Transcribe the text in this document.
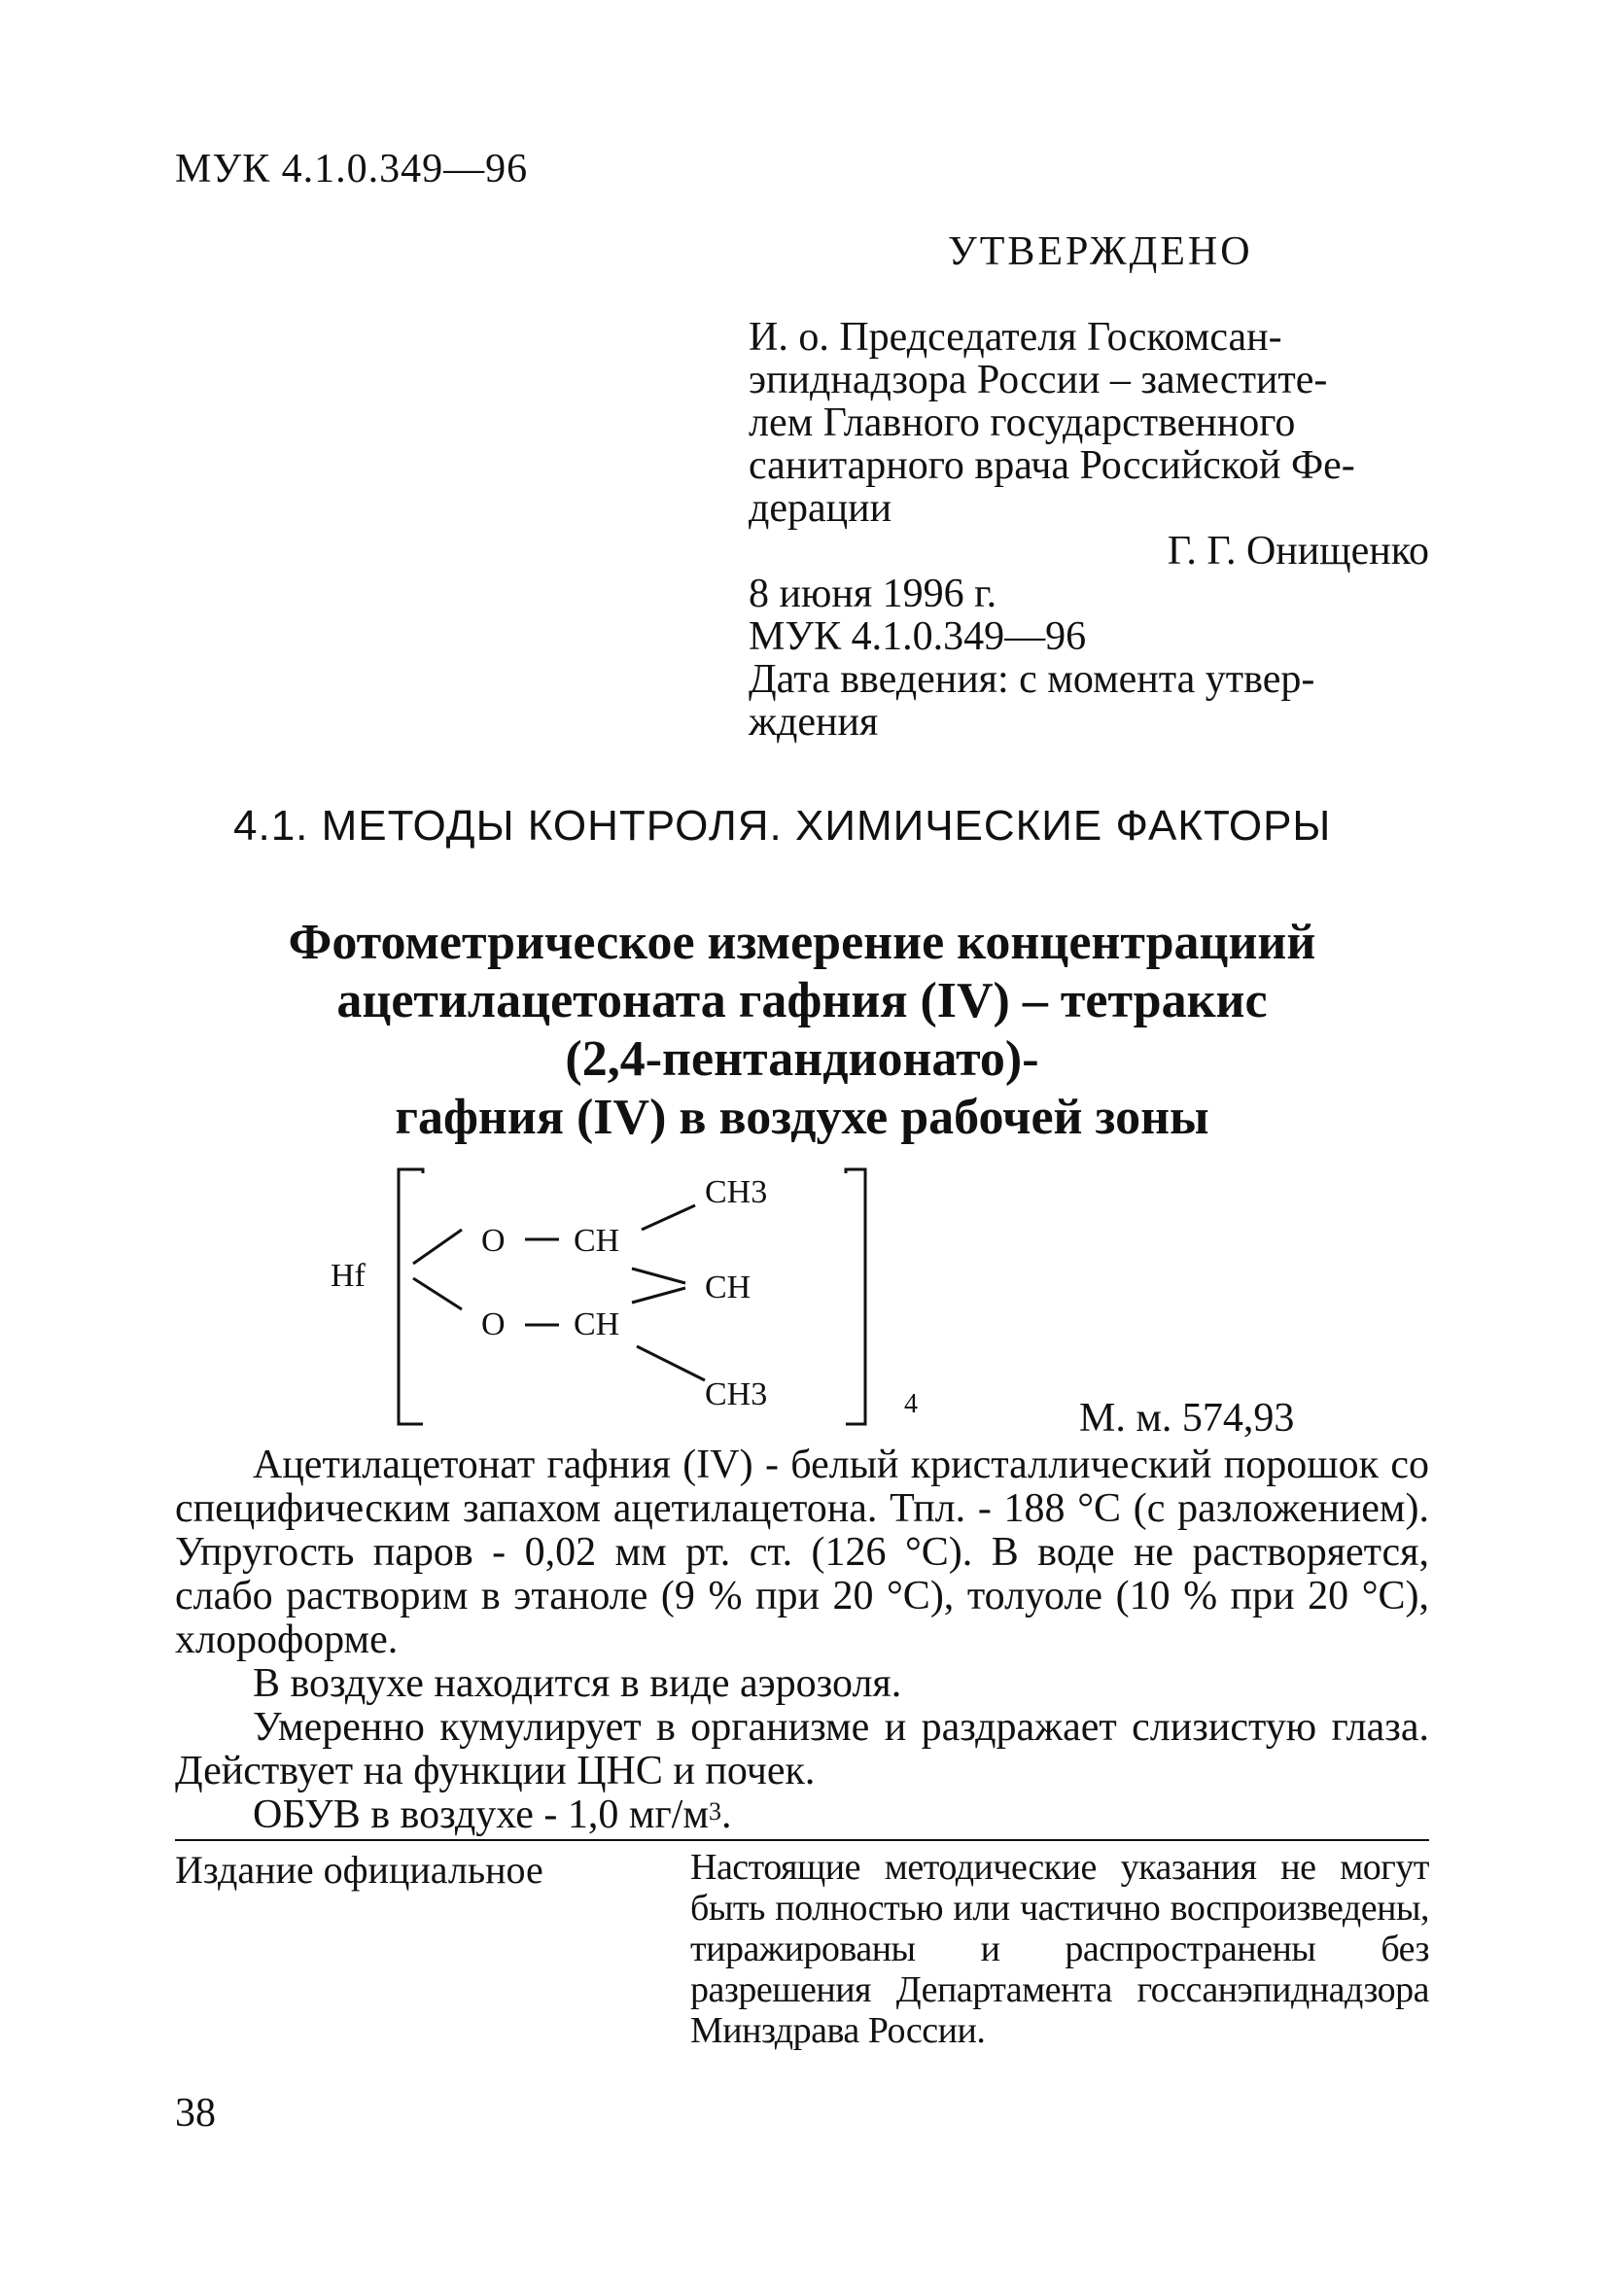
МУК 4.1.0.349—96
УТВЕРЖДЕНО
И. о. Председателя Госкомсан-
эпиднадзора России – заместите-
лем Главного государственного
санитарного врача Российской Фе-
дерации
Г. Г. Онищенко
8 июня 1996 г.
МУК 4.1.0.349—96
Дата введения: с момента утвер-
ждения
4.1. МЕТОДЫ КОНТРОЛЯ. ХИМИЧЕСКИЕ ФАКТОРЫ
Фотометрическое измерение концентрациий
ацетилацетоната гафния (IV) – тетракис
(2,4-пентандионато)-
гафния (IV) в воздухе рабочей зоны
Hf
O
O
CH
CH
CH
CH3
CH3	4	М. м. 574,93

Ацетилацетонат гафния (IV) - белый кристаллический порошок со специфическим запахом ацетилацетона. Тпл. - 188 °С (с разложением). Упругость паров - 0,02 мм рт. ст. (126 °С). В воде не растворяется, слабо растворим в этаноле (9 % при 20 °С), толуоле (10 % при 20 °С), хлороформе.

В воздухе находится в виде аэрозоля.

Умеренно кумулирует в организме и раздражает слизистую глаза. Действует на функции ЦНС и почек.

ОБУВ в воздухе - 1,0 $мг/м^3$.

Издание официальное	Настоящие методические указания не могут быть полностью или частично воспроизведены, тиражированы и распространены без разрешения Департамента госсанэпиднадзора Минздрава России.
38
